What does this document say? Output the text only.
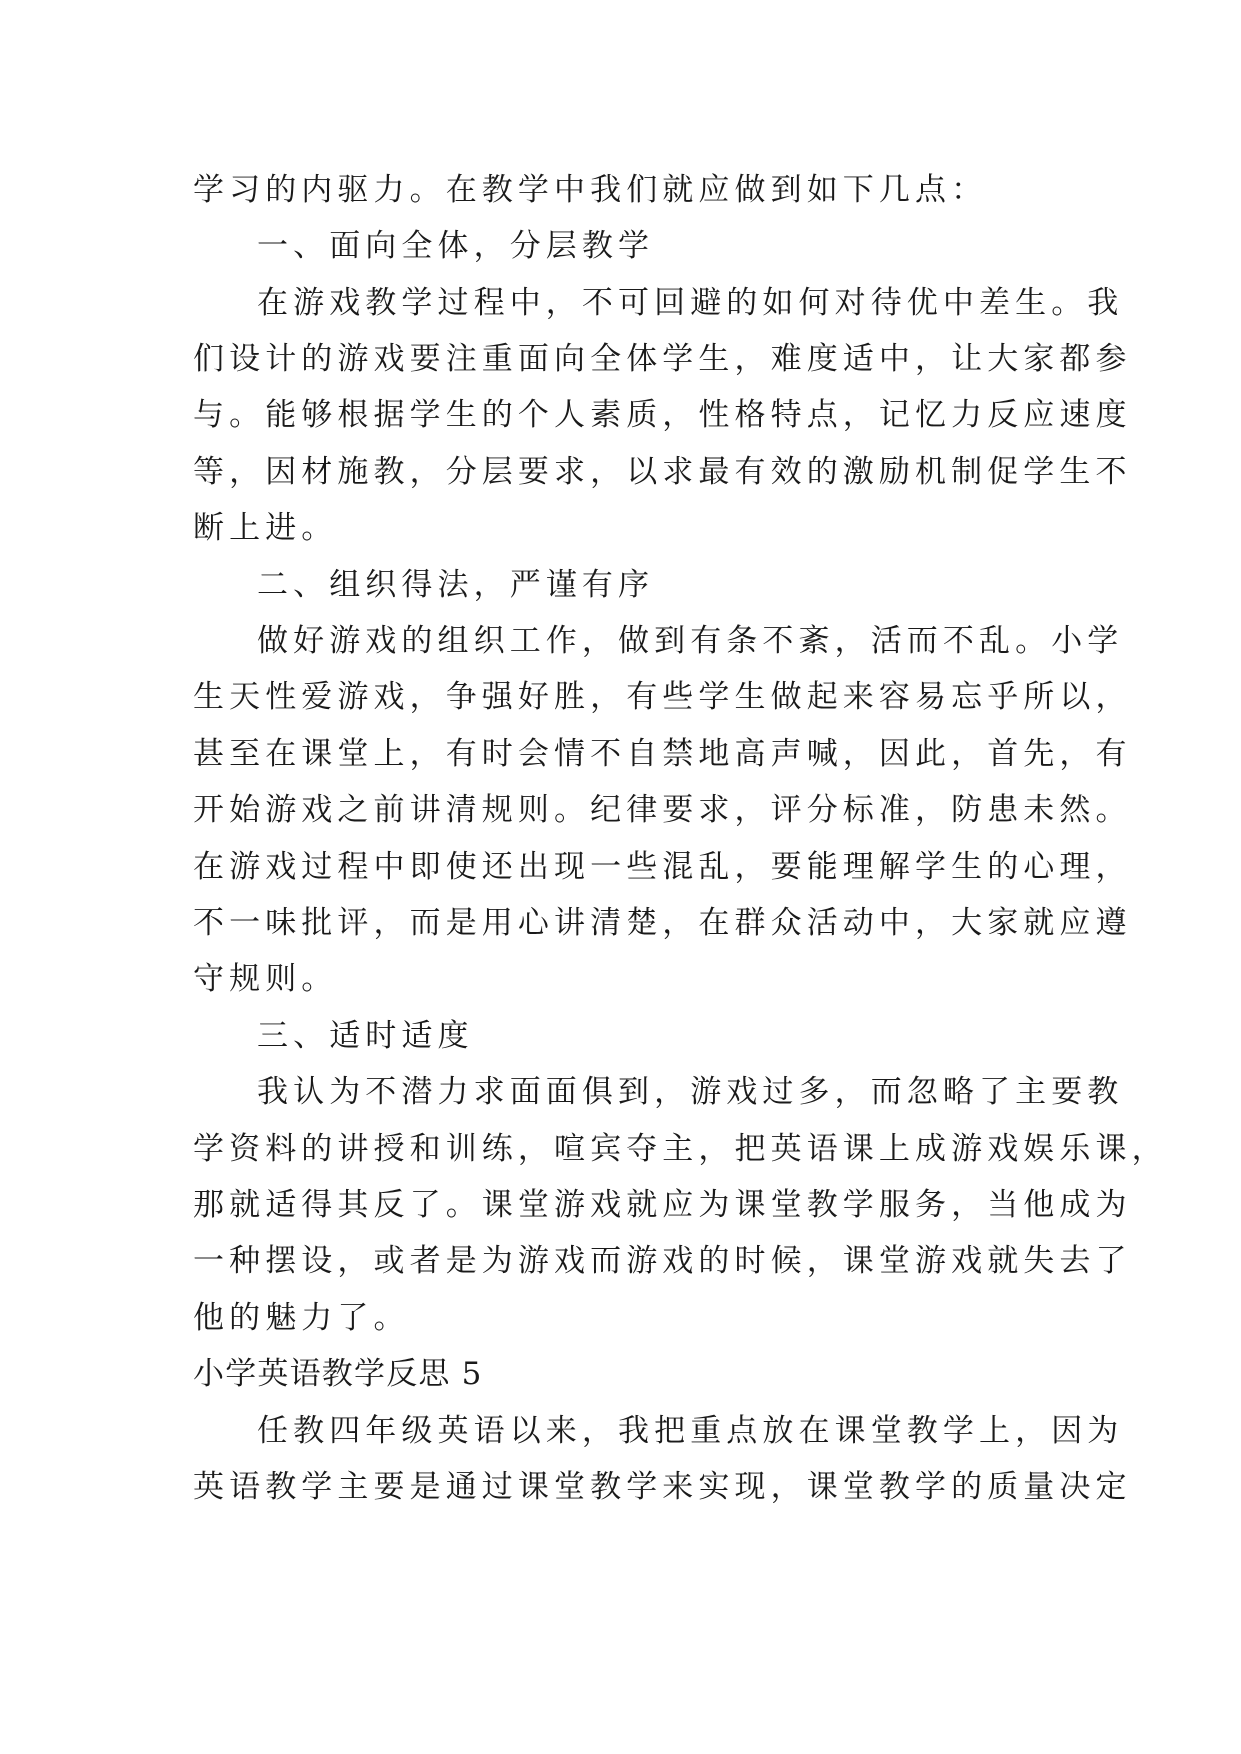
学习的内驱力。在教学中我们就应做到如下几点：
一、面向全体，分层教学
在游戏教学过程中，不可回避的如何对待优中差生。我
们设计的游戏要注重面向全体学生，难度适中，让大家都参
与。能够根据学生的个人素质，性格特点，记忆力反应速度
等，因材施教，分层要求，以求最有效的激励机制促学生不
断上进。
二、组织得法，严谨有序
做好游戏的组织工作，做到有条不紊，活而不乱。小学
生天性爱游戏，争强好胜，有些学生做起来容易忘乎所以，
甚至在课堂上，有时会情不自禁地高声喊，因此，首先，有
开始游戏之前讲清规则。纪律要求，评分标准，防患未然。
在游戏过程中即使还出现一些混乱，要能理解学生的心理，
不一味批评，而是用心讲清楚，在群众活动中，大家就应遵
守规则。
三、适时适度
我认为不潜力求面面俱到，游戏过多，而忽略了主要教
学资料的讲授和训练，喧宾夺主，把英语课上成游戏娱乐课，
那就适得其反了。课堂游戏就应为课堂教学服务，当他成为
一种摆设，或者是为游戏而游戏的时候，课堂游戏就失去了
他的魅力了。
小学英语教学反思 5
任教四年级英语以来，我把重点放在课堂教学上，因为
英语教学主要是通过课堂教学来实现，课堂教学的质量决定
